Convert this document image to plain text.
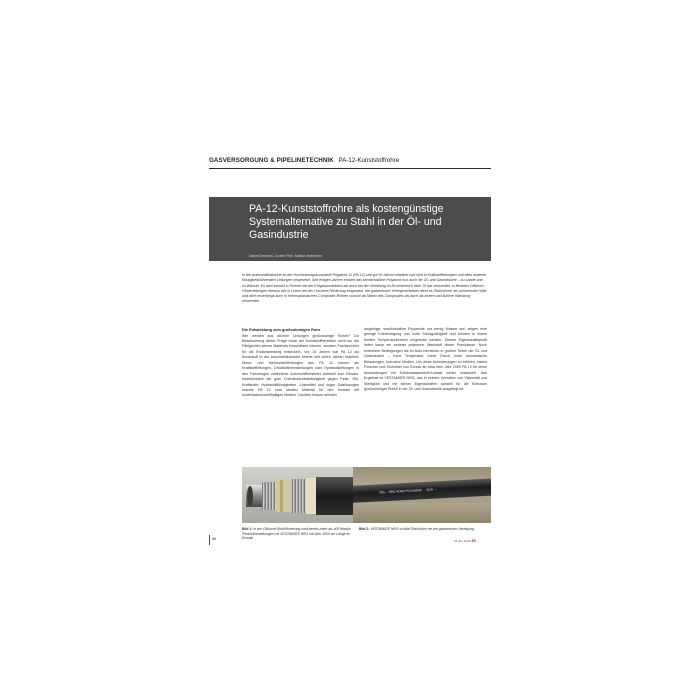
GASVERSORGUNG & PIPELINETECHNIK PA-12-Kunststoffrohre
PA-12-Kunststoffrohre als kostengünstige Systemalternative zu Stahl in der Öl- und Gasindustrie
Daniel Demicoli, Jochen Fritz, Markus Hartmann
In der Automobilindustrie ist der Hochleistungskunststoff Polyamid 12 (PA 12) seit gut 50 Jahren etabliert und wird in Kraftstoffleitungen und allen anderen flüssigkeitsführenden Leitungen eingesetzt. Seit einigen Jahren erobert das semikristalline Polyamid nun auch die Öl- und Gasindustrie – zu Lande und zu Wasser. Es wird sowohl in Rohren bei der Erdgasproduktion als auch bei der Verteilung im Druckbereich über 10 bar verwendet, in flexiblen Offshore-Förderleitungen ebenso wie in Linern bei der Onshore-Förderung eingesetzt, die grabenlosen Verlegeverfahren dient es Stahlrohren als schützende Hülle und wird neuerdings auch in thermoplastischen Composite-Rohren sowohl als Matrix des Composites als auch als innere und äußere Wandung verwendet.
Die Entwicklung zum großvolumigen Rohr
Wie werden aus dünnen Leitungen großvolumige Rohre? Zur Beantwortung dieser Frage muss der Kunststoffhersteller nicht nur die Fähigkeiten seines Materials einschätzen können, sondern Fachkenntnis für die Endanwendung entwickeln. Vor 15 Jahren war PA 12 als Kunststoff in der Automobilindustrie bereits seit vielen Jahren etabliert: Mono- und Mehrschichtleitungen aus PA 12 kamen als Kraftstoffleitungen, Druckluftbremsleitungen oder Hydraulikleitungen in den Fahrzeugen zahlreicher Automobilhersteller weltweit zum Einsatz. Insbesondere die gute Chemikalienbeständigkeit gegen Fette, Öle, Kraftstoffe, Hydraulikflüssigkeiten, Lösemittel und sogar Salzlösungen machte PA 12 zum idealen Material für den Kontakt mit kohlenwasserstoffhaltigen Medien. Darüber hinaus nehmen
langlebige, semikristalline Polyamide nur wenig Wasser auf, zeigen eine geringe Kriechneigung und hohe Schlagzähigkeit und können in einem breiten Temperaturbereich eingesetzt werden. Diesen Eigenschaftsprofil liefert kaum ein anderer polymerer Werkstoff dieser Preisklasse. Noch extremere Bedingungen als im Auto herrschen in großen Tiefen der Öl- und Gasindustrie – hohe Temperatur, hoher Druck, hohe mechanische Belastungen, korrosive Medien. Um diese Anforderungen zu erfüllen, haben Forscher und Techniker von Evonik ab etwa dem Jahr 2000 PA 12 für diese Anwendungen mit Kohlenwasserstoff-Kontakt weiter entwickelt. Das Ergebnis ist VESTAMID® NRG, das in seinem Verhalten von Viskosität und Steifigkeit und mit seinen Eigenschaften speziell für die Extrusion großvolumiger Rohre in der Öl- und Gasindustrie ausgelegt ist.
VES⋯ NRG HDPE POLYMERS ⋯ SDR ⋯
Bild 1: In der Offshore-Rohölförderung sind bereits mehr als 400 flexible Produktionsleitungen mit VESTAMID® NRG mit über 1000 km Länge im Einsatz
Bild 2: VESTAMID® NRG schützt Stahlrohre bei der grabenlosen Verlegung
80	10-11 | 2016 3R
